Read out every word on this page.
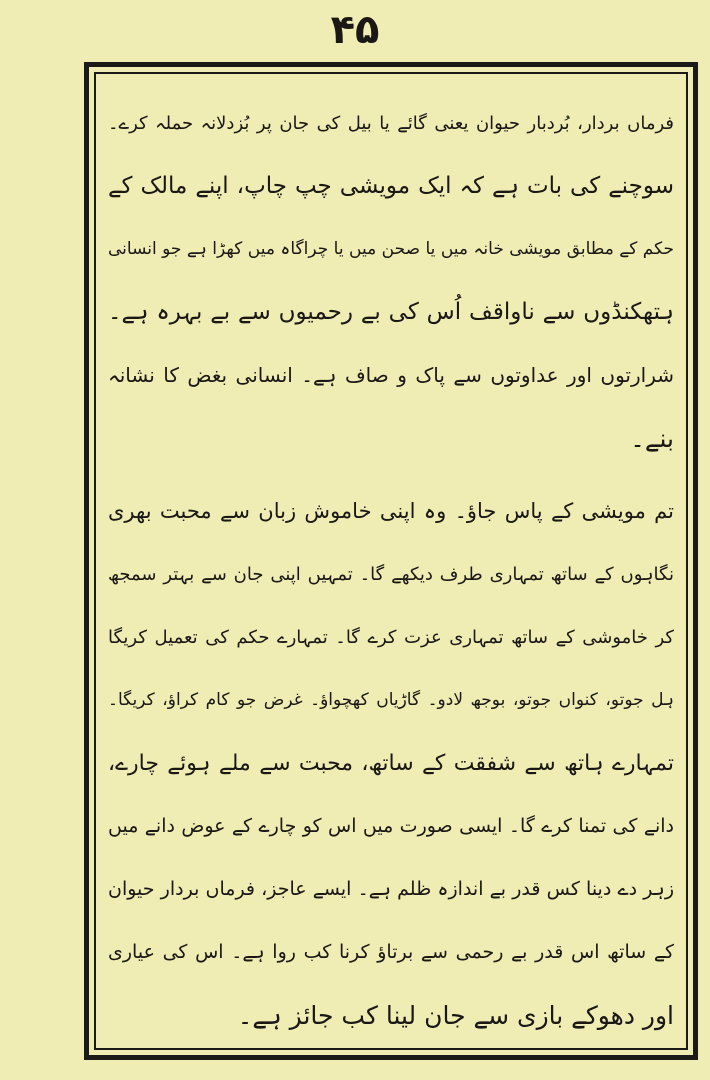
۴۵
فرماں بردار، بُردبار حیوان یعنی گائے یا بیل کی جان پر بُزدلانہ حملہ کرے۔
سوچنے کی بات ہے کہ ایک مویشی چپ چاپ، اپنے مالک کے
حکم کے مطابق مویشی خانہ میں یا صحن میں یا چراگاہ میں کھڑا ہے جو انسانی
ہتھکنڈوں سے ناواقف اُس کی بے رحمیوں سے بے بہرہ ہے۔
شرارتوں اور عداوتوں سے پاک و صاف ہے۔ انسانی بغض کا نشانہ
بنے۔
تم مویشی کے پاس جاؤ۔ وہ اپنی خاموش زبان سے محبت بھری
نگاہوں کے ساتھ تمہاری طرف دیکھے گا۔ تمہیں اپنی جان سے بہتر سمجھ
کر خاموشی کے ساتھ تمہاری عزت کرے گا۔ تمہارے حکم کی تعمیل کریگا
ہل جوتو، کنواں جوتو، بوجھ لادو۔ گاڑیاں کھچواؤ۔ غرض جو کام کراؤ، کریگا۔
تمہارے ہاتھ سے شفقت کے ساتھ، محبت سے ملے ہوئے چارے،
دانے کی تمنا کرے گا۔ ایسی صورت میں اس کو چارے کے عوض دانے میں
زہر دے دینا کس قدر بے اندازہ ظلم ہے۔ ایسے عاجز، فرماں بردار حیوان
کے ساتھ اس قدر بے رحمی سے برتاؤ کرنا کب روا ہے۔ اس کی عیاری
اور دھوکے بازی سے جان لینا کب جائز ہے۔
